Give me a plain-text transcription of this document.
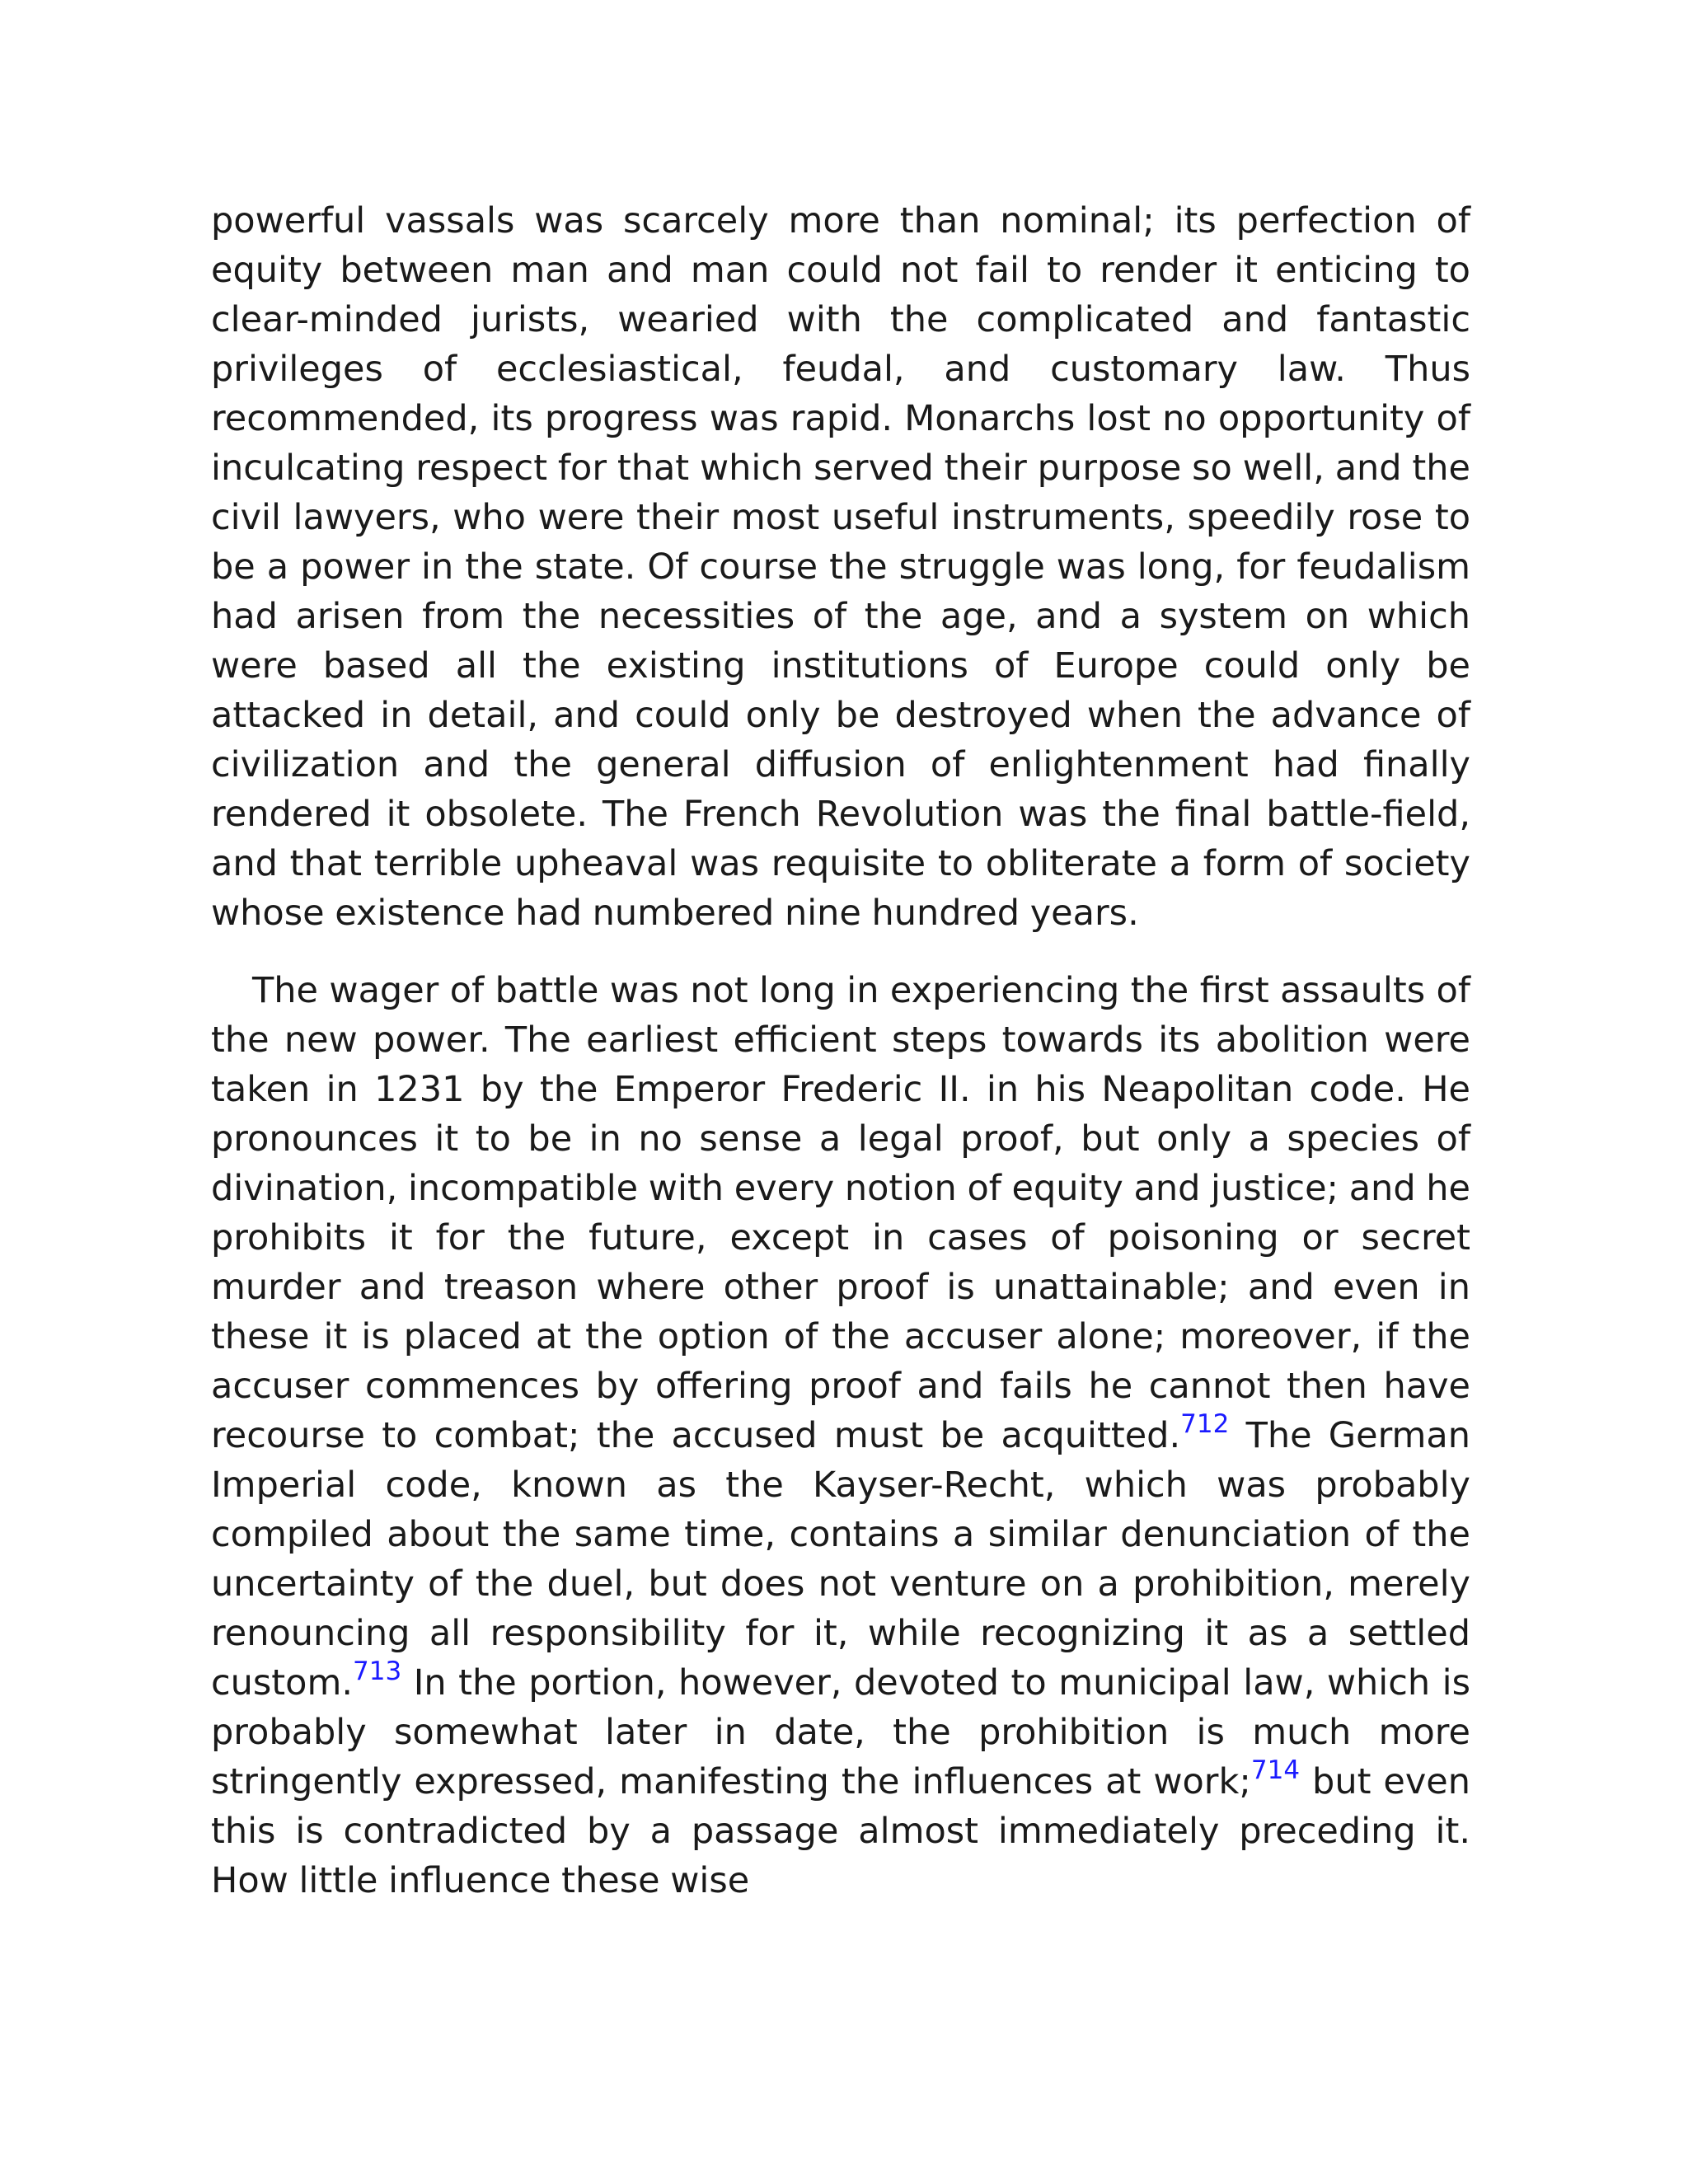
powerful vassals was scarcely more than nominal; its perfection of equity between man and man could not fail to render it enticing to clear-minded jurists, wearied with the complicated and fantastic privileges of ecclesiastical, feudal, and customary law. Thus recommended, its progress was rapid. Monarchs lost no opportunity of inculcating respect for that which served their purpose so well, and the civil lawyers, who were their most useful instruments, speedily rose to be a power in the state. Of course the struggle was long, for feudalism had arisen from the necessities of the age, and a system on which were based all the existing institutions of Europe could only be attacked in detail, and could only be destroyed when the advance of civilization and the general diffusion of enlightenment had finally rendered it obsolete. The French Revolution was the final battle-field, and that terrible upheaval was requisite to obliterate a form of society whose existence had numbered nine hundred years.

The wager of battle was not long in experiencing the first assaults of the new power. The earliest efficient steps towards its abolition were taken in 1231 by the Emperor Frederic II. in his Neapolitan code. He pronounces it to be in no sense a legal proof, but only a species of divination, incompatible with every notion of equity and justice; and he prohibits it for the future, except in cases of poisoning or secret murder and treason where other proof is unattainable; and even in these it is placed at the option of the accuser alone; moreover, if the accuser commences by offering proof and fails he cannot then have recourse to combat; the accused must be acquitted.$^{712}$ The German Imperial code, known as the Kayser-Recht, which was probably compiled about the same time, contains a similar denunciation of the uncertainty of the duel, but does not venture on a prohibition, merely renouncing all responsibility for it, while recognizing it as a settled custom.$^{713}$ In the portion, however, devoted to municipal law, which is probably somewhat later in date, the prohibition is much more stringently expressed, manifesting the influences at work;$^{714}$ but even this is contradicted by a passage almost immediately preceding it. How little influence these wise
